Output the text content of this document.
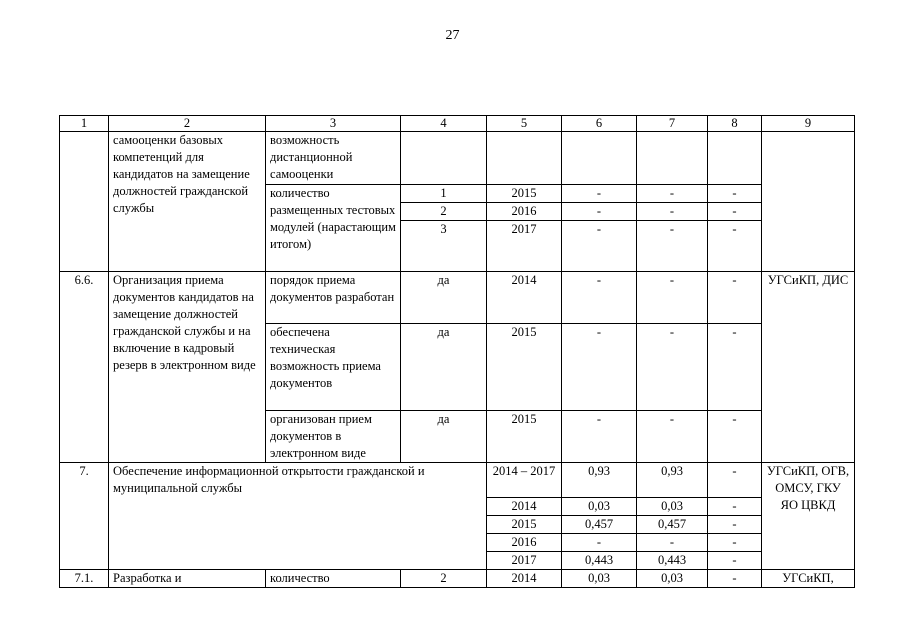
27
1	2	3	4	5	6	7	8	9
	самооценки базовых компетенций для кандидатов на замещение должностей гражданской службы	возможность дистанционной самооценки						
		количество размещенных тестовых модулей (нарастающим итогом)	1	2015	-	-	-	
			2	2016	-	-	-	
			3	2017	-	-	-	
6.6.	Организация приема документов кандидатов на замещение должностей гражданской службы и на включение в кадровый резерв в электронном виде	порядок приема документов разработан	да	2014	-	-	-	УГСиКП, ДИС
		обеспечена техническая возможность приема документов	да	2015	-	-	-	
		организован прием документов в электронном виде	да	2015	-	-	-	
7.	Обеспечение информационной открытости гражданской и муниципальной службы			2014 – 2017	0,93	0,93	-	УГСиКП, ОГВ, ОМСУ, ГКУ ЯО ЦВКД
				2014	0,03	0,03	-	
				2015	0,457	0,457	-	
				2016	-	-	-	
				2017	0,443	0,443	-	
7.1.	Разработка и	количество	2	2014	0,03	0,03	-	УГСиКП,
